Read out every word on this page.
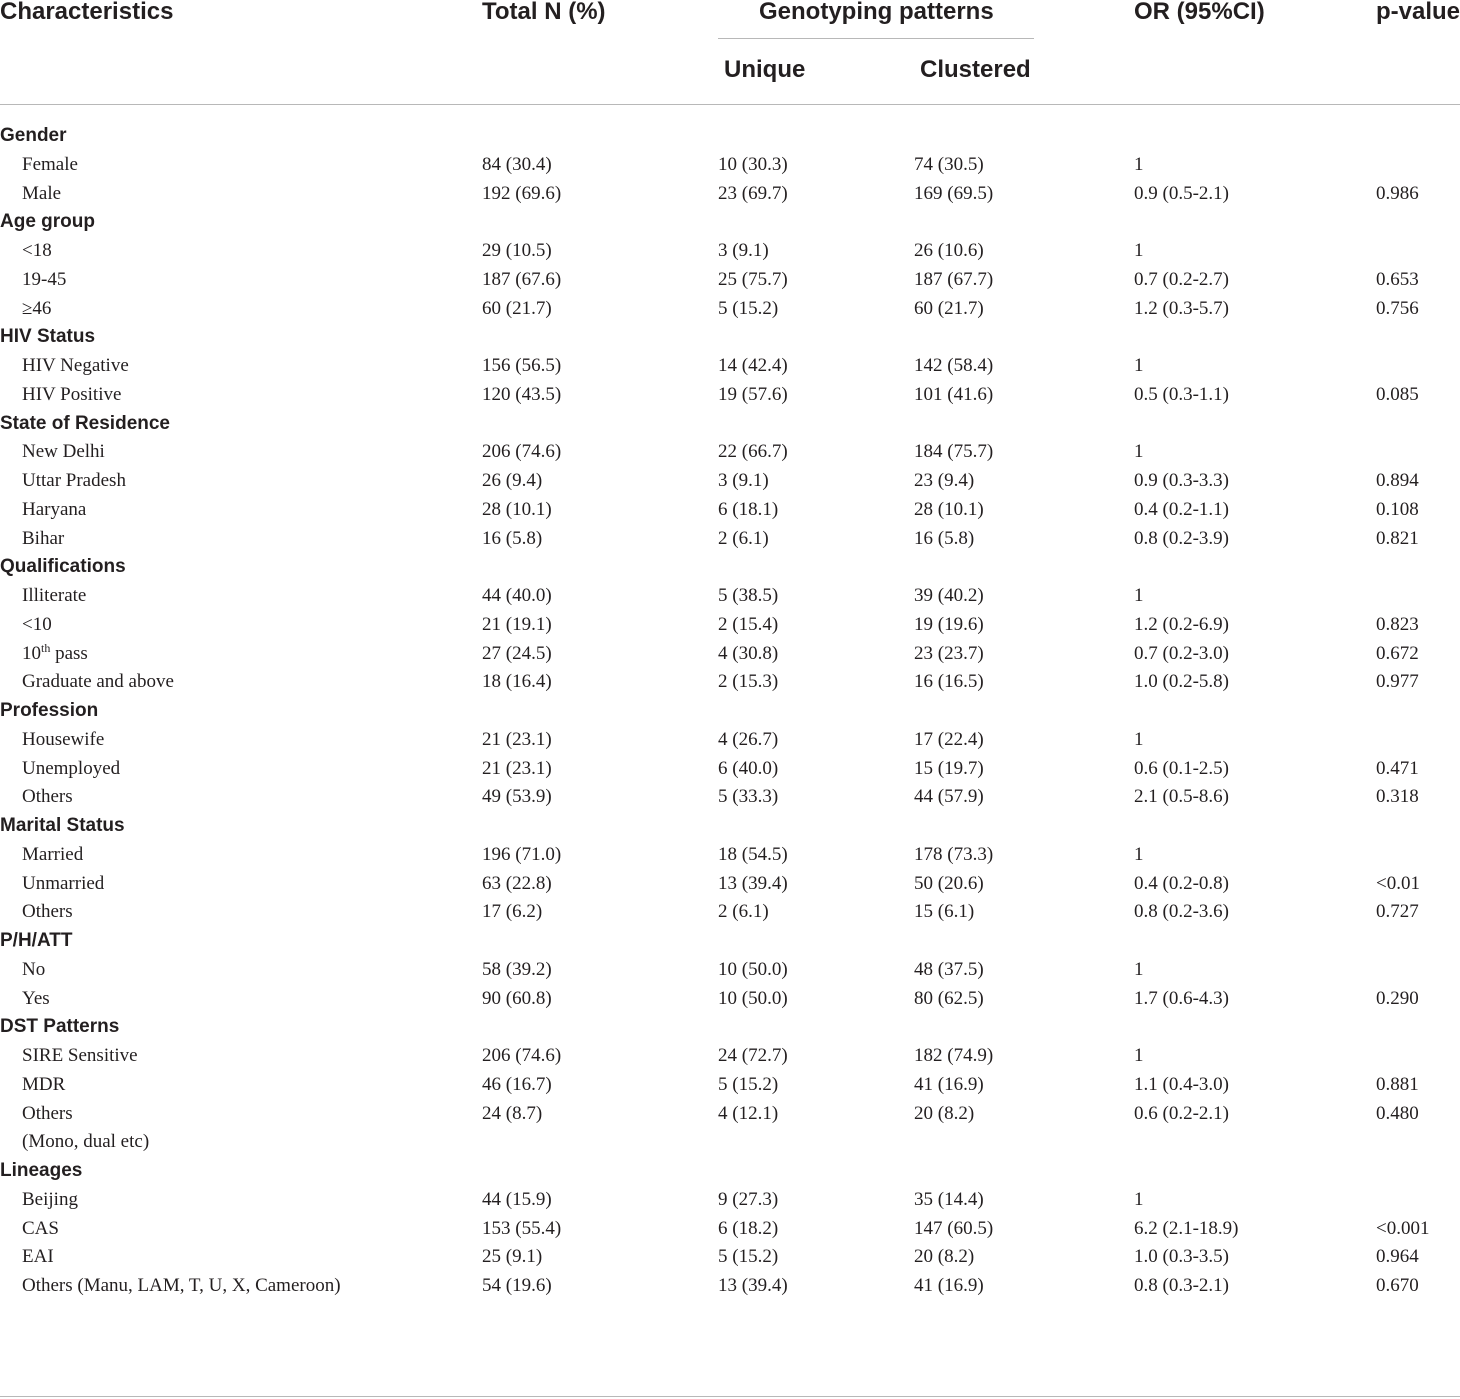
Characteristics	Total N (%)	Genotyping patterns	OR (95%CI)	p-value
Unique	Clustered
Gender
Female	84 (30.4)	10 (30.3)	74 (30.5)	1
Male	192 (69.6)	23 (69.7)	169 (69.5)	0.9 (0.5-2.1)	0.986
Age group
<18	29 (10.5)	3 (9.1)	26 (10.6)	1
19-45	187 (67.6)	25 (75.7)	187 (67.7)	0.7 (0.2-2.7)	0.653
≥46	60 (21.7)	5 (15.2)	60 (21.7)	1.2 (0.3-5.7)	0.756
HIV Status
HIV Negative	156 (56.5)	14 (42.4)	142 (58.4)	1
HIV Positive	120 (43.5)	19 (57.6)	101 (41.6)	0.5 (0.3-1.1)	0.085
State of Residence
New Delhi	206 (74.6)	22 (66.7)	184 (75.7)	1
Uttar Pradesh	26 (9.4)	3 (9.1)	23 (9.4)	0.9 (0.3-3.3)	0.894
Haryana	28 (10.1)	6 (18.1)	28 (10.1)	0.4 (0.2-1.1)	0.108
Bihar	16 (5.8)	2 (6.1)	16 (5.8)	0.8 (0.2-3.9)	0.821
Qualifications
Illiterate	44 (40.0)	5 (38.5)	39 (40.2)	1
<10	21 (19.1)	2 (15.4)	19 (19.6)	1.2 (0.2-6.9)	0.823
10th pass	27 (24.5)	4 (30.8)	23 (23.7)	0.7 (0.2-3.0)	0.672
Graduate and above	18 (16.4)	2 (15.3)	16 (16.5)	1.0 (0.2-5.8)	0.977
Profession
Housewife	21 (23.1)	4 (26.7)	17 (22.4)	1
Unemployed	21 (23.1)	6 (40.0)	15 (19.7)	0.6 (0.1-2.5)	0.471
Others	49 (53.9)	5 (33.3)	44 (57.9)	2.1 (0.5-8.6)	0.318
Marital Status
Married	196 (71.0)	18 (54.5)	178 (73.3)	1
Unmarried	63 (22.8)	13 (39.4)	50 (20.6)	0.4 (0.2-0.8)	<0.01
Others	17 (6.2)	2 (6.1)	15 (6.1)	0.8 (0.2-3.6)	0.727
P/H/ATT
No	58 (39.2)	10 (50.0)	48 (37.5)	1
Yes	90 (60.8)	10 (50.0)	80 (62.5)	1.7 (0.6-4.3)	0.290
DST Patterns
SIRE Sensitive	206 (74.6)	24 (72.7)	182 (74.9)	1
MDR	46 (16.7)	5 (15.2)	41 (16.9)	1.1 (0.4-3.0)	0.881
Others	24 (8.7)	4 (12.1)	20 (8.2)	0.6 (0.2-2.1)	0.480
(Mono, dual etc)
Lineages
Beijing	44 (15.9)	9 (27.3)	35 (14.4)	1
CAS	153 (55.4)	6 (18.2)	147 (60.5)	6.2 (2.1-18.9)	<0.001
EAI	25 (9.1)	5 (15.2)	20 (8.2)	1.0 (0.3-3.5)	0.964
Others (Manu, LAM, T, U, X, Cameroon)	54 (19.6)	13 (39.4)	41 (16.9)	0.8 (0.3-2.1)	0.670
